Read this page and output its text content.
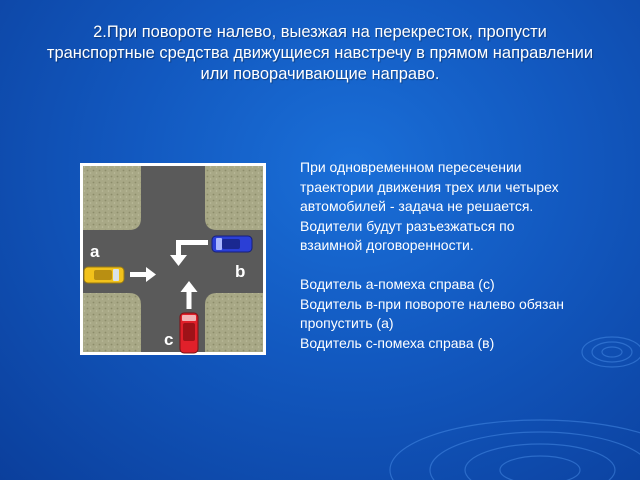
2.При повороте налево, выезжая на перекресток, пропусти транспортные средства движущиеся навстречу в прямом направлении или поворачивающие направо.
a
b
c

При одновременном пересечении

траектории движения трех или четырех

автомобилей - задача не решается.

Водители будут разъезжаться по

взаимной договоренности.

Водитель а-помеха справа (с)

Водитель в-при повороте налево обязан

пропустить (а)

Водитель с-помеха справа (в)
